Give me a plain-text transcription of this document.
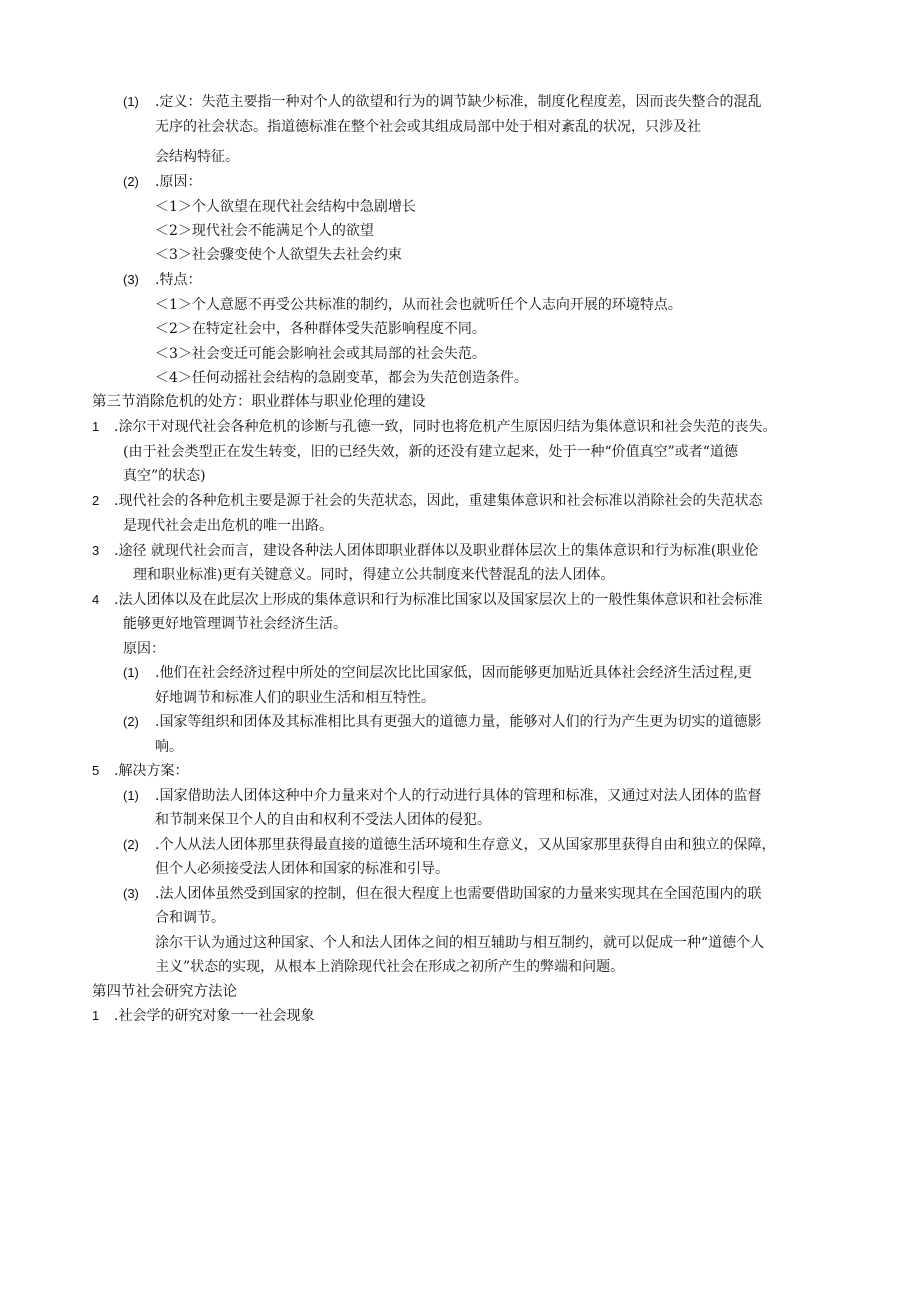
(1) .定义：失范主要指一种对个人的欲望和行为的调节缺少标准，制度化程度差，因而丧失整合的混乱
无序的社会状态。指道德标准在整个社会或其组成局部中处于相对紊乱的状况，只涉及社
会结构特征。
(2) .原因：
＜1＞个人欲望在现代社会结构中急剧增长
＜2＞现代社会不能满足个人的欲望
＜3＞社会骤变使个人欲望失去社会约束
(3) .特点：
＜1＞个人意愿不再受公共标准的制约，从而社会也就听任个人志向开展的环境特点。
＜2＞在特定社会中，各种群体受失范影响程度不同。
＜3＞社会变迁可能会影响社会或其局部的社会失范。
＜4＞任何动摇社会结构的急剧变革，都会为失范创造条件。
第三节消除危机的处方：职业群体与职业伦理的建设
1 .涂尔干对现代社会各种危机的诊断与孔德一致，同时也将危机产生原因归结为集体意识和社会失范的丧失。
(由于社会类型正在发生转变，旧的已经失效，新的还没有建立起来，处于一种“价值真空”或者“道德
真空”的状态)
2 .现代社会的各种危机主要是源于社会的失范状态，因此，重建集体意识和社会标准以消除社会的失范状态
是现代社会走出危机的唯一出路。
3 .途径 就现代社会而言，建设各种法人团体即职业群体以及职业群体层次上的集体意识和行为标准(职业伦
理和职业标准)更有关键意义。同时，得建立公共制度来代替混乱的法人团体。
4 .法人团体以及在此层次上形成的集体意识和行为标准比国家以及国家层次上的一般性集体意识和社会标准
能够更好地管理调节社会经济生活。
原因：
(1) .他们在社会经济过程中所处的空间层次比比国家低，因而能够更加贴近具体社会经济生活过程,更
好地调节和标准人们的职业生活和相互特性。
(2) .国家等组织和团体及其标准相比具有更强大的道德力量，能够对人们的行为产生更为切实的道德影
响。
5 .解决方案：
(1) .国家借助法人团体这种中介力量来对个人的行动进行具体的管理和标准，又通过对法人团体的监督
和节制来保卫个人的自由和权利不受法人团体的侵犯。
(2) .个人从法人团体那里获得最直接的道德生活环境和生存意义，又从国家那里获得自由和独立的保障，
但个人必须接受法人团体和国家的标准和引导。
(3) .法人团体虽然受到国家的控制，但在很大程度上也需要借助国家的力量来实现其在全国范围内的联
合和调节。
涂尔干认为通过这种国家、个人和法人团体之间的相互辅助与相互制约，就可以促成一种“道德个人
主义”状态的实现，从根本上消除现代社会在形成之初所产生的弊端和问题。
第四节社会研究方法论
1 .社会学的研究对象一一社会现象
